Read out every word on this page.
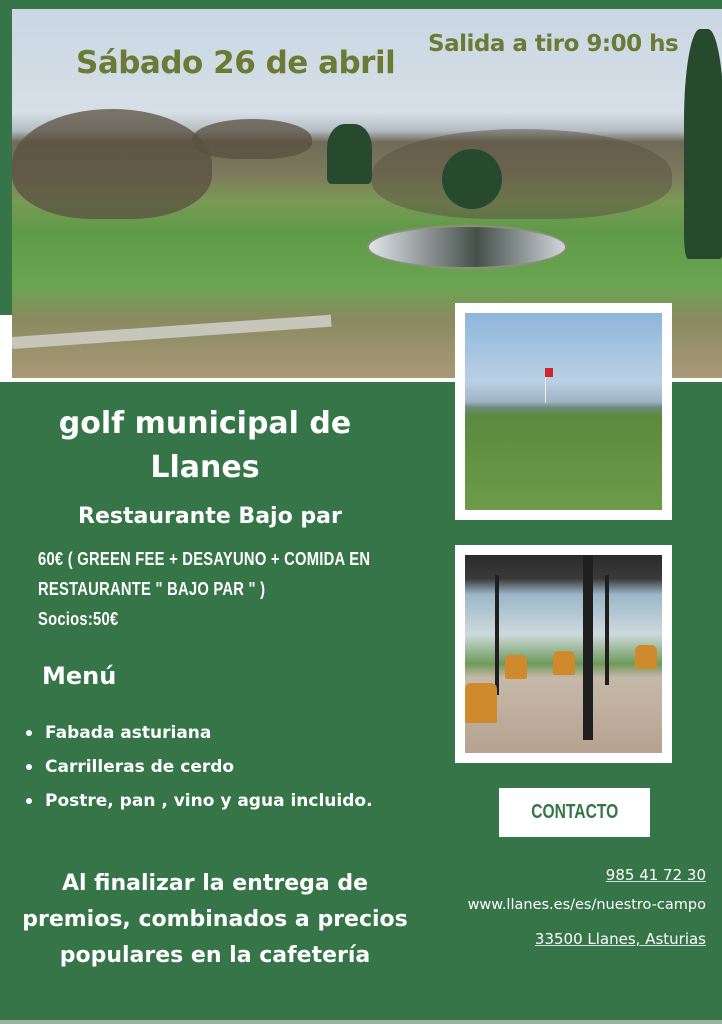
Sábado 26 de abril
Salida a tiro 9:00 hs
golf municipal de Llanes
Restaurante Bajo par
60€ ( GREEN FEE + DESAYUNO + COMIDA EN
RESTAURANTE " BAJO PAR " )
Socios:50€
Menú
Fabada asturiana
Carrilleras de cerdo
Postre, pan , vino y agua incluido.
Al finalizar la entrega de premios, combinados a precios populares en la cafetería
CONTACTO
985 41 72 30
www.llanes.es/es/nuestro-campo
33500 Llanes, Asturias
